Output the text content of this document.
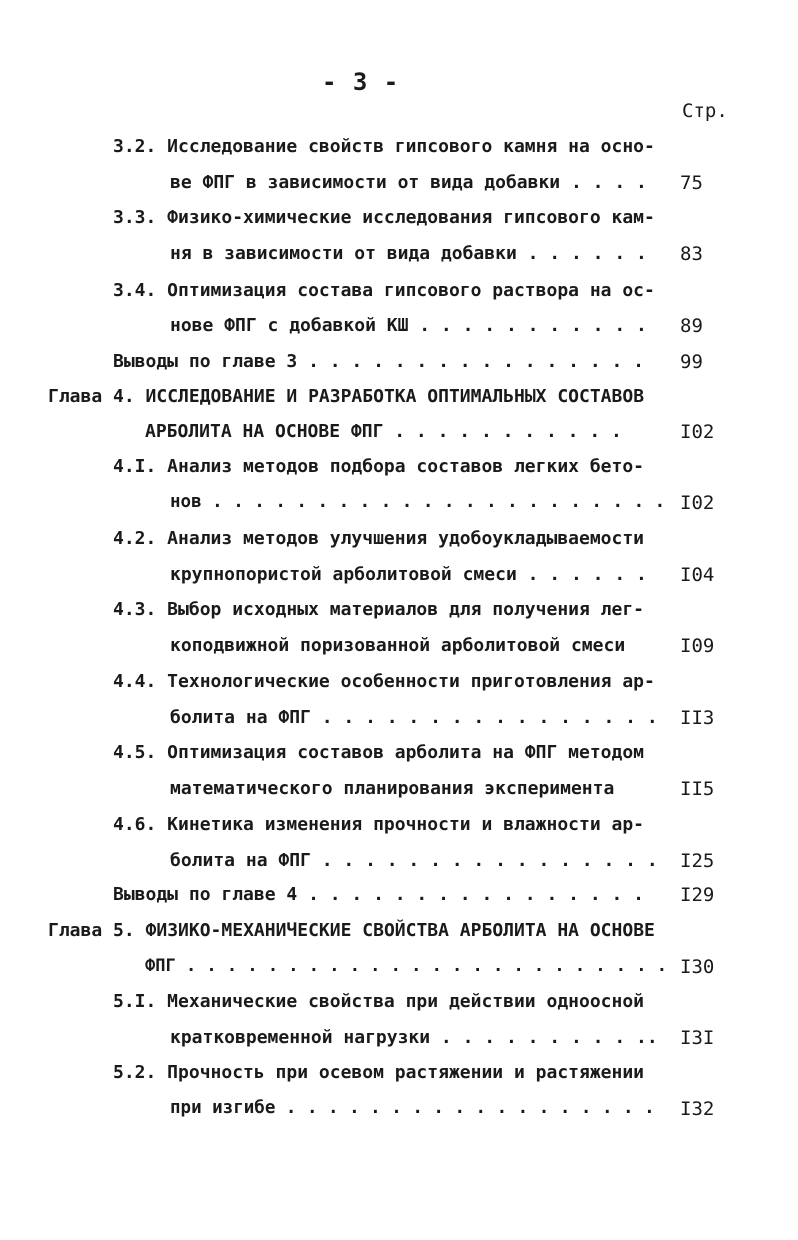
- 3 -
Стр.
3.2. Исследование свойств гипсового камня на осно-
ве ФПГ в зависимости от вида добавки . . . . 75
3.3. Физико-химические исследования гипсового кам-
ня в зависимости от вида добавки . . . . . . 83
3.4. Оптимизация состава гипсового раствора на ос-
нове ФПГ с добавкой КШ . . . . . . . . . . . 89
Выводы по главе 3 . . . . . . . . . . . . . . . . 99
Глава 4. ИССЛЕДОВАНИЕ И РАЗРАБОТКА ОПТИМАЛЬНЫХ СОСТАВОВ
АРБОЛИТА НА ОСНОВЕ ФПГ . . . . . . . . . . .	I02
4.I. Анализ методов подбора составов легких бето-
нов . . . . . . . . . . . . . . . . . . . . . . I02
4.2. Анализ методов улучшения удобоукладываемости
крупнопористой арболитовой смеси . . . . . . I04
4.3. Выбор исходных материалов для получения лег-
коподвижной поризованной арболитовой смеси	I09
4.4. Технологические особенности приготовления ар-
болита на ФПГ . . . . . . . . . . . . . . . . II3
4.5. Оптимизация составов арболита на ФПГ методом
математического планирования эксперимента	II5
4.6. Кинетика изменения прочности и влажности ар-
болита на ФПГ . . . . . . . . . . . . . . . . I25
Выводы по главе 4 . . . . . . . . . . . . . . . . I29
Глава 5. ФИЗИКО-МЕХАНИЧЕСКИЕ СВОЙСТВА АРБОЛИТА НА ОСНОВЕ
ФПГ . . . . . . . . . . . . . . . . . . . . . . . . I30
5.I. Механические свойства при действии одноосной
кратковременной нагрузки . . . . . . . . . .. I3I
5.2. Прочность при осевом растяжении и растяжении
при изгибе . . . . . . . . . . . . . . . . . . I32
